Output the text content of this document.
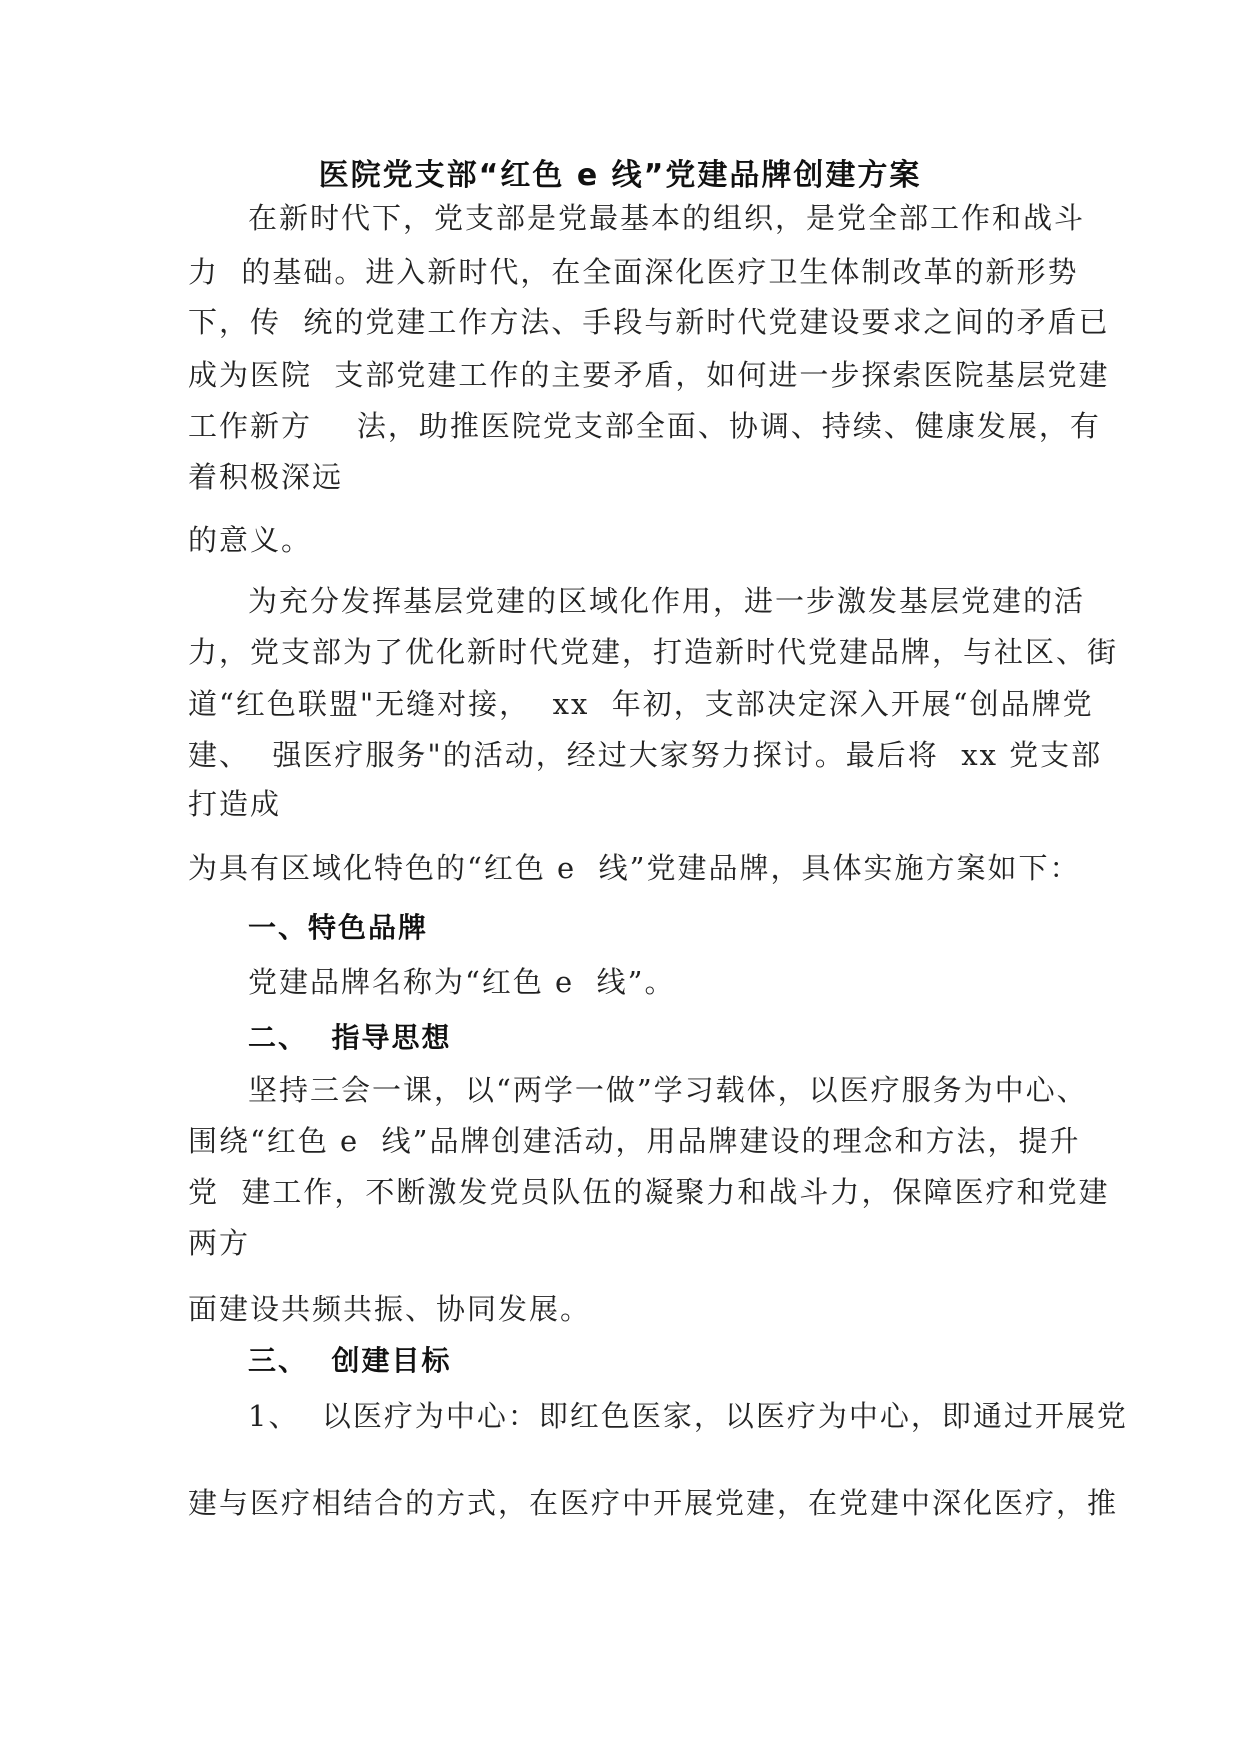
医院党支部“红色 e 线”党建品牌创建方案
在新时代下，党支部是党最基本的组织，是党全部工作和战斗
力  的基础。进入新时代，在全面深化医疗卫生体制改革的新形势
下，传  统的党建工作方法、手段与新时代党建设要求之间的矛盾已
成为医院  支部党建工作的主要矛盾，如何进一步探索医院基层党建
工作新方    法，助推医院党支部全面、协调、持续、健康发展，有
着积极深远
的意义。
为充分发挥基层党建的区域化作用，进一步激发基层党建的活
力，党支部为了优化新时代党建，打造新时代党建品牌，与社区、街
道“红色联盟"无缝对接，  xx  年初，支部决定深入开展“创品牌党
建、  强医疗服务"的活动，经过大家努力探讨。最后将  xx 党支部
打造成
为具有区域化特色的“红色 e  线”党建品牌，具体实施方案如下：
一、特色品牌
党建品牌名称为“红色 e  线”。
二、  指导思想
坚持三会一课，以“两学一做”学习载体，以医疗服务为中心、
围绕“红色 e  线”品牌创建活动，用品牌建设的理念和方法，提升
党  建工作，不断激发党员队伍的凝聚力和战斗力，保障医疗和党建
两方
面建设共频共振、协同发展。
三、  创建目标
1、  以医疗为中心：即红色医家，以医疗为中心，即通过开展党
建与医疗相结合的方式，在医疗中开展党建，在党建中深化医疗，推
